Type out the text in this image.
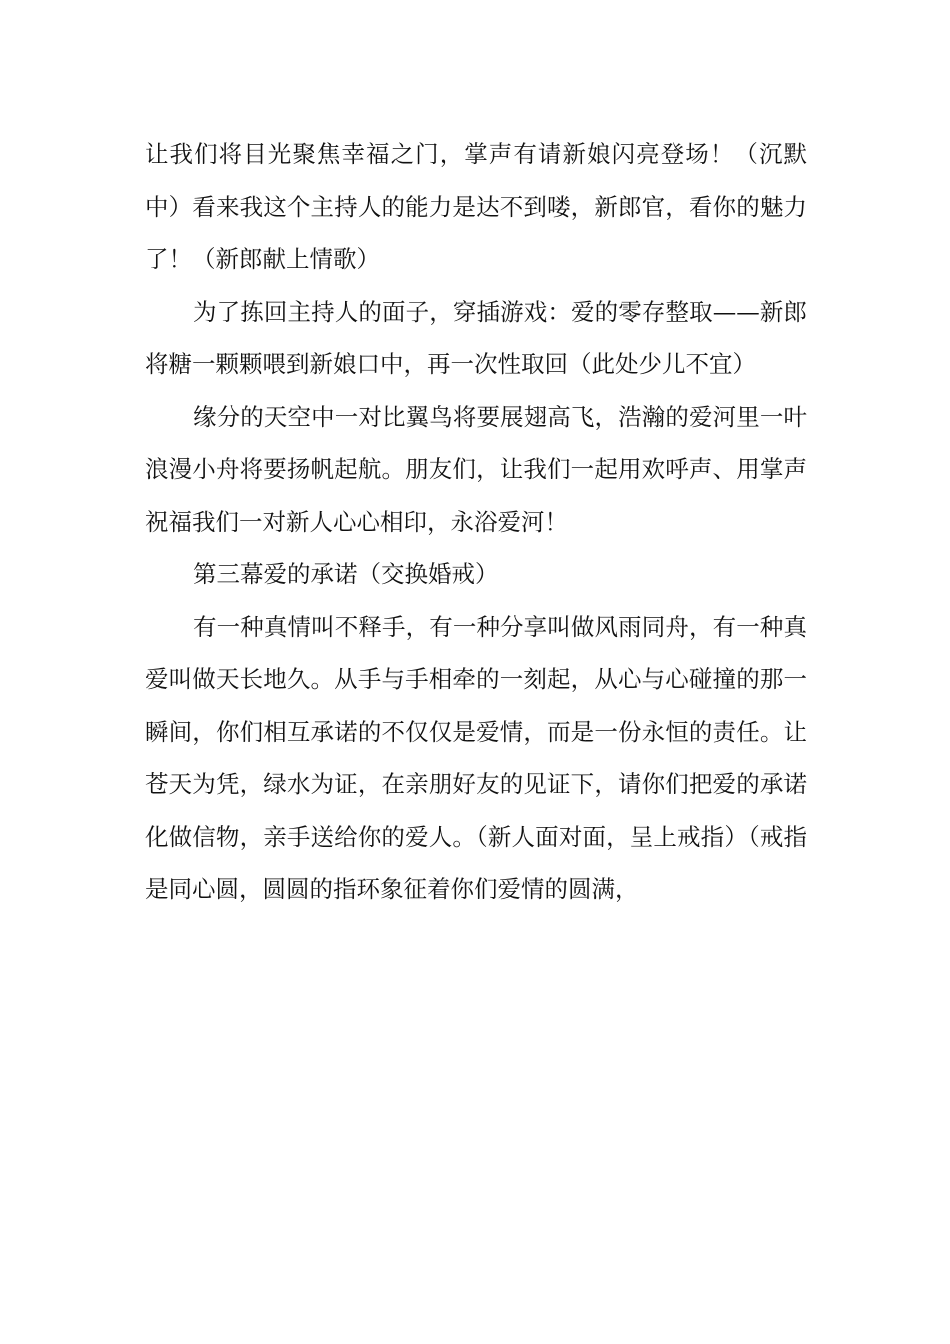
让我们将目光聚焦幸福之门，掌声有请新娘闪亮登场！（沉默中）看来我这个主持人的能力是达不到喽，新郎官，看你的魅力了！（新郎献上情歌）

为了拣回主持人的面子，穿插游戏：爱的零存整取——新郎将糖一颗颗喂到新娘口中，再一次性取回（此处少儿不宜）

缘分的天空中一对比翼鸟将要展翅高飞，浩瀚的爱河里一叶浪漫小舟将要扬帆起航。朋友们，让我们一起用欢呼声、用掌声祝福我们一对新人心心相印，永浴爱河！

第三幕爱的承诺（交换婚戒）

有一种真情叫不释手，有一种分享叫做风雨同舟，有一种真爱叫做天长地久。从手与手相牵的一刻起，从心与心碰撞的那一瞬间，你们相互承诺的不仅仅是爱情，而是一份永恒的责任。让苍天为凭，绿水为证，在亲朋好友的见证下，请你们把爱的承诺化做信物，亲手送给你的爱人。（新人面对面，呈上戒指）（戒指是同心圆，圆圆的指环象征着你们爱情的圆满，
